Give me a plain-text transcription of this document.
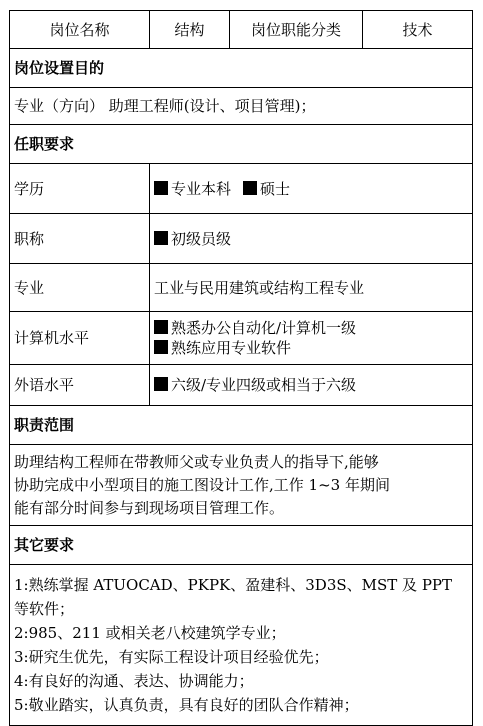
岗位名称	结构	岗位职能分类	技术
岗位设置目的			
专业（方向） 助理工程师(设计、项目管理)；			
任职要求			
学历	专业本科 硕士		
职称	初级员级		
专业	工业与民用建筑或结构工程专业		
计算机水平	熟悉办公自动化/计算机一级
熟练应用专业软件		

外语水平	六级/专业四级或相当于六级		
职责范围			

助理结构工程师在带教师父或专业负责人的指导下,能够
协助完成中小型项目的施工图设计工作,工作 1~3 年期间
能有部分时间参与到现场项目管理工作。			

其它要求			

1:熟练掌握 ATUOCAD、PKPK、盈建科、3D3S、MST 及 PPT 等软件；
2:985、211 或相关老八校建筑学专业；
3:研究生优先，有实际工程设计项目经验优先；
4:有良好的沟通、表达、协调能力；
5:敬业踏实，认真负责，具有良好的团队合作精神；			
